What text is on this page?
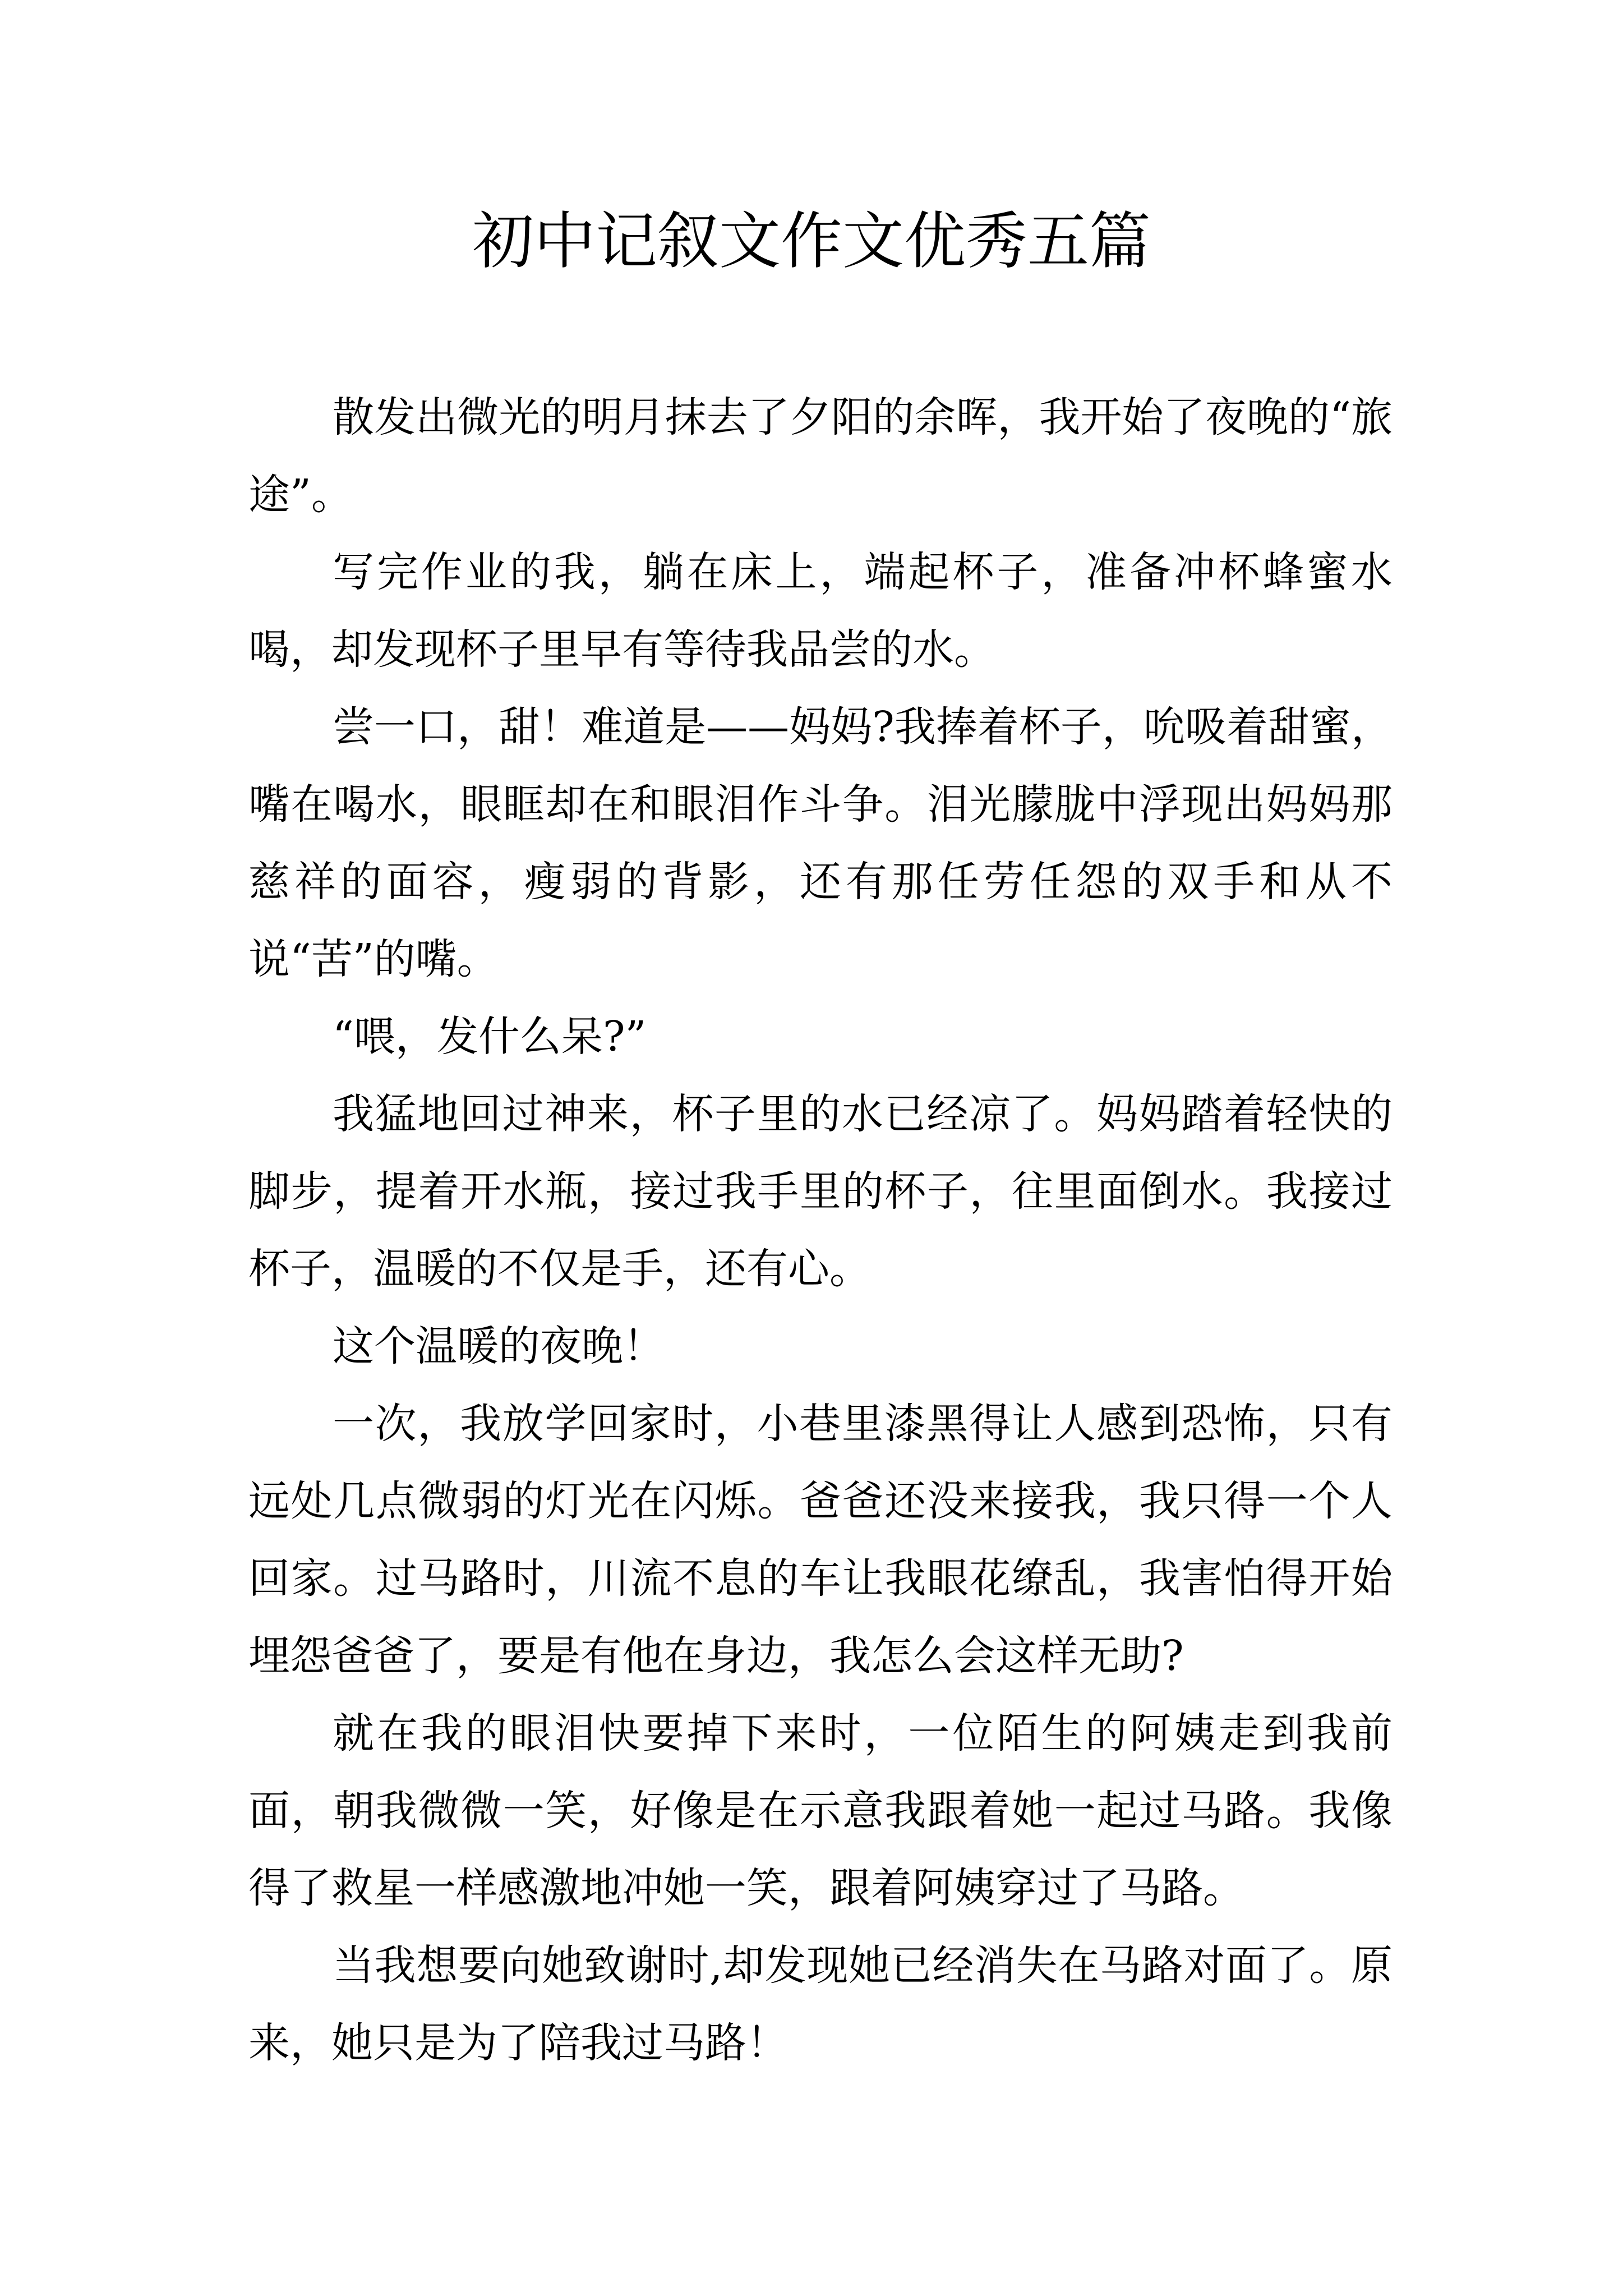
初中记叙文作文优秀五篇

散发出微光的明月抹去了夕阳的余晖，我开始了夜晚的“旅途”。

写完作业的我，躺在床上，端起杯子，准备冲杯蜂蜜水喝，却发现杯子里早有等待我品尝的水。

尝一口，甜！难道是——妈妈?我捧着杯子，吮吸着甜蜜，嘴在喝水，眼眶却在和眼泪作斗争。泪光朦胧中浮现出妈妈那慈祥的面容，瘦弱的背影，还有那任劳任怨的双手和从不说“苦”的嘴。

“喂，发什么呆?”

我猛地回过神来，杯子里的水已经凉了。妈妈踏着轻快的脚步，提着开水瓶，接过我手里的杯子，往里面倒水。我接过杯子，温暖的不仅是手，还有心。

这个温暖的夜晚！

一次，我放学回家时，小巷里漆黑得让人感到恐怖，只有远处几点微弱的灯光在闪烁。爸爸还没来接我，我只得一个人回家。过马路时，川流不息的车让我眼花缭乱，我害怕得开始埋怨爸爸了，要是有他在身边，我怎么会这样无助?

就在我的眼泪快要掉下来时，一位陌生的阿姨走到我前面，朝我微微一笑，好像是在示意我跟着她一起过马路。我像得了救星一样感激地冲她一笑，跟着阿姨穿过了马路。

当我想要向她致谢时,却发现她已经消失在马路对面了。原来，她只是为了陪我过马路！
